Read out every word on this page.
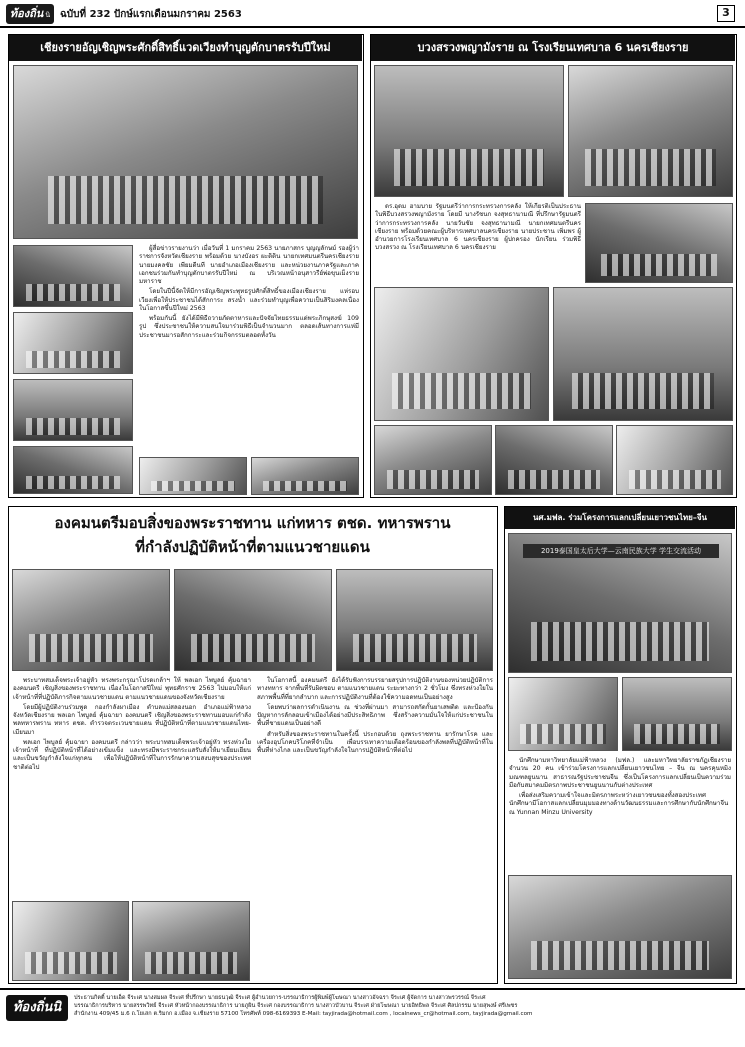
ท้องถิ่น นิ ฉบับที่ 232 ปักษ์แรกเดือนมกราคม 2563	3
เชียงรายอัญเชิญพระศักดิ์สิทธิ์แวดเวียงทำบุญตักบาตรรับปีใหม่

ผู้สื่อข่าวรายงานว่า เมื่อวันที่ 1 มกราคม 2563 นายภาสกร บุญญลักษม์ รองผู้ว่าราชการจังหวัดเชียงราย พร้อมด้วย นางบังอร ผะดิดิน นายกเทศมนตรีนครเชียงราย นายมงคลชัย เพียมดีนที นายอำเภอเมืองเชียงราย และหน่วยงานภาครัฐและภาคเอกชนร่วมกันทำบุญตักบาตรรับปีใหม่ ณ บริเวณหน้าอนุสาวรีย์พ่อขุนเม็งรายมหาราช

โดยในปีนี้จัดให้มีการอัญเชิญพระพุทธรูปศักดิ์สิทธิ์ของเมืองเชียงราย แห่รอบเวียงเพื่อให้ประชาชนได้สักการะ สรงน้ำ และร่วมทำบุญเพื่อความเป็นสิริมงคลเนื่องในโอกาสขึ้นปีใหม่ 2563

พร้อมกันนี้ ยังได้มีพิธีถวายภัตตาหารและปัจจัยไทยธรรมแด่พระภิกษุสงฆ์ 109 รูป ซึ่งประชาชนให้ความสนใจมาร่วมพิธีเป็นจำนวนมาก ตลอดเส้นทางการแห่มีประชาชนมารอสักการะและร่วมกิจกรรมตลอดทั้งวัน

บวงสรวงพญามังราย ณ โรงเรียนเทศบาล 6 นครเชียงราย

ดร.อุดม ฮามบาย รัฐมนตรีว่าการกระทรวงการคลัง ให้เกียรติเป็นประธานในพิธีบวงสรวงพญามังราย โดยมี นางรัชนก จงสุทธานามณี ที่ปรึกษารัฐมนตรีว่าการกระทรวงการคลัง นายวันชัย จงสุทธานามณี นายกเทศมนตรีนครเชียงราย พร้อมด้วยคณะผู้บริหารเทศบาลนครเชียงราย นายประชาน เพิ่มพร ผู้อำนวยการโรงเรียนเทศบาล 6 นครเชียงราย ผู้ปกครอง นักเรียน ร่วมพิธีบวงสรวง ณ โรงเรียนเทศบาล 6 นครเชียงราย

องคมนตรีมอบสิ่งของพระราชทาน แก่ทหาร ตชด. ทหารพราน
ที่กำลังปฏิบัติหน้าที่ตามแนวชายแดน

พระบาทสมเด็จพระเจ้าอยู่หัว ทรงพระกรุณาโปรดเกล้าฯ ให้ พลเอก ไพบูลย์ คุ้มฉายา องคมนตรี เชิญสิ่งของพระราชทาน เนื่องในโอกาสปีใหม่ พุทธศักราช 2563 ไปมอบให้แก่เจ้าหน้าที่ที่ปฏิบัติภารกิจตามแนวชายแดน ตามแนวชายแดนของจังหวัดเชียงราย

โดยมีผู้ปฏิบัติงานร่วมพูด กองกำลังผาเมือง ตำบลแม่สลองนอก อำเภอแม่ฟ้าหลวง จังหวัดเชียงราย พลเอก ไพบูลย์ คุ้มฉายา องคมนตรี เชิญสิ่งของพระราชทานมอบแก่กำลังพลทหารพราน ทหาร ตชด. ตำรวจตระเวนชายแดน ที่ปฏิบัติหน้าที่ตามแนวชายแดนไทย-เมียนมา

พลเอก ไพบูลย์ คุ้มฉายา องคมนตรี กล่าวว่า พระบาทสมเด็จพระเจ้าอยู่หัว ทรงห่วงใยเจ้าหน้าที่ ที่ปฏิบัติหน้าที่ได้อย่างเข้มแข็ง และทรงมีพระราชกระแสรับสั่งให้มาเยี่ยมเยียน และเป็นขวัญกำลังใจแก่ทุกคน เพื่อให้ปฏิบัติหน้าที่ในการรักษาความสงบสุขของประเทศชาติต่อไป

ในโอกาสนี้ องคมนตรี ยังได้รับฟังการบรรยายสรุปการปฏิบัติงานของหน่วยปฏิบัติการทางทหาร จากพื้นที่รับผิดชอบ ตามแนวชายแดน ระยะทางกว่า 2 ชั่วโมง ซึ่งทรงห่วงใยในสภาพพื้นที่ที่ยากลำบาก และการปฏิบัติงานที่ต้องใช้ความอดทนเป็นอย่างสูง

โดยพบว่าผลการดำเนินงาน ณ ช่วงที่ผ่านมา สามารถสกัดกั้นยาเสพติด และป้องกันปัญหาการลักลอบเข้าเมืองได้อย่างมีประสิทธิภาพ ซึ่งสร้างความมั่นใจให้แก่ประชาชนในพื้นที่ชายแดนเป็นอย่างดี

สำหรับสิ่งของพระราชทานในครั้งนี้ ประกอบด้วย ถุงพระราชทาน ยารักษาโรค และเครื่องอุปโภคบริโภคที่จำเป็น เพื่อบรรเทาความเดือดร้อนของกำลังพลที่ปฏิบัติหน้าที่ในพื้นที่ห่างไกล และเป็นขวัญกำลังใจในการปฏิบัติหน้าที่ต่อไป

นศ.มฟล. ร่วมโครงการแลกเปลี่ยนเยาวชนไทย–จีน
2019泰国皇太后大学—云南民族大学 学生交流活动

นักศึกษามหาวิทยาลัยแม่ฟ้าหลวง (มฟล.) และมหาวิทยาลัยราชภัฏเชียงราย จำนวน 20 คน เข้าร่วมโครงการแลกเปลี่ยนเยาวชนไทย – จีน ณ นครคุนหมิง มณฑลยูนนาน สาธารณรัฐประชาชนจีน ซึ่งเป็นโครงการแลกเปลี่ยนเป็นความร่วมมือกับสมาคมมิตรภาพประชาชนยูนนานกับต่างประเทศ

เพื่อส่งเสริมความเข้าใจและมิตรภาพระหว่างเยาวชนของทั้งสองประเทศ นักศึกษามีโอกาสแลกเปลี่ยนมุมมองทางด้านวัฒนธรรมและการศึกษากับนักศึกษาจีน ณ Yunnan Minzu University

ท้องถิ่นนิวส์
ประธานกิตติ์ นายเอ็ด จีระเศ นางสมผล จีระเศ ที่ปรึกษา นายธนวุฒิ จีระเศ ผู้อำนวยการ-บรรณาธิการผู้พิมพ์ผู้โฆษณา นางสาวอัจฉรา จีระเศ ผู้จัดการ นางสาวพรวรรณ์ จีระเศ
บรรณาธิการบริหาร นายสรรพวิทย์ จีระเศ หัวหน้ากองบรรณาธิการ นายภูผิน จีระเศ กองบรรณาธิการ นางสาวบัวบาน จีระเศ ฝ่ายโฆษณา นายอิทธิพล จีระเศ ศิลปกรรม นายสุพงษ์ ศรีเพชร
สำนักงาน 409/45 ม.6 ถ.โยเสก ต.ริมกก อ.เมือง จ.เชียงราย 57100 โทรศัพท์ 098-6169393 E-Mail: tayjirada@hotmail.com , localnews_cr@hotmail.com, tayjirada@gmail.com
